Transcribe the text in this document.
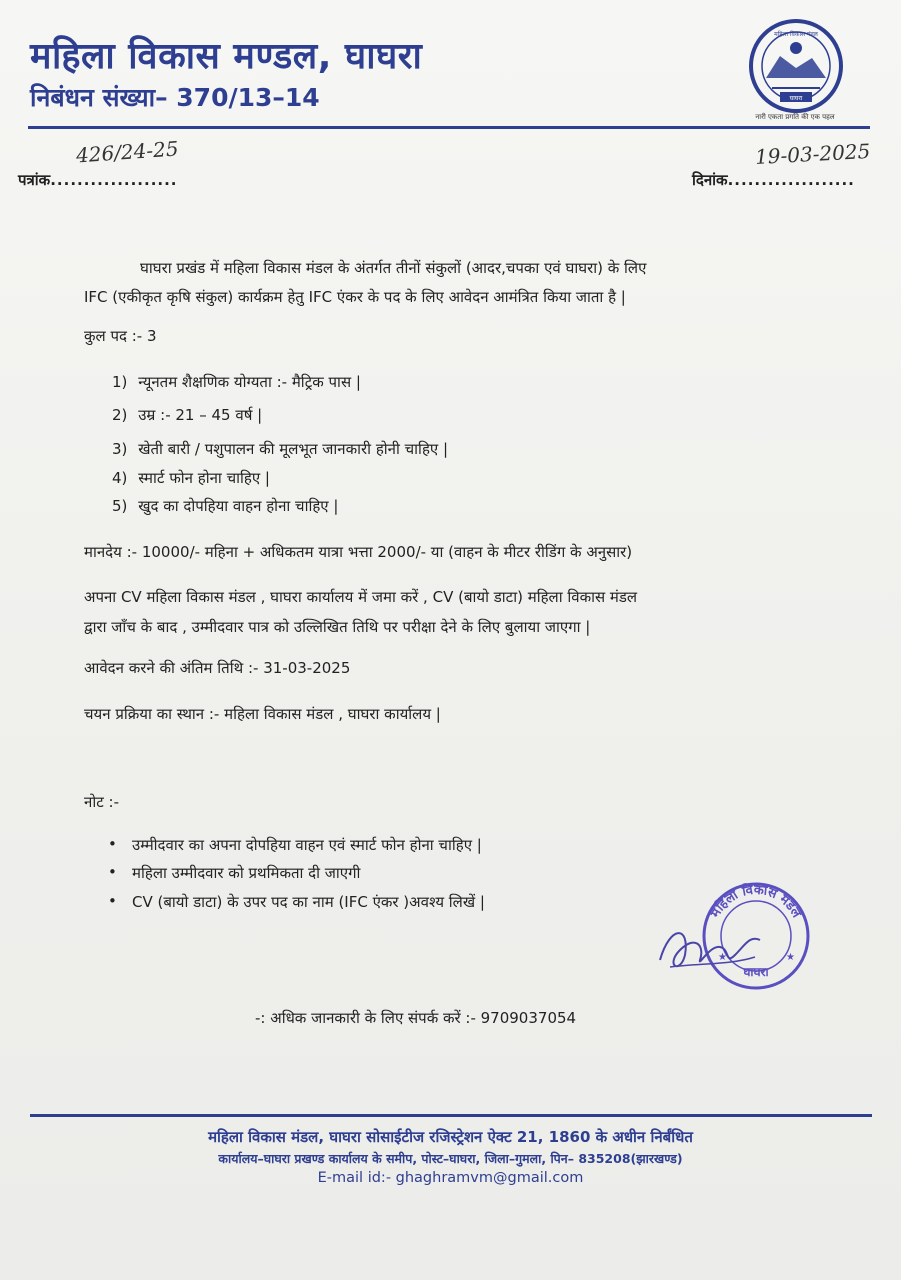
महिला विकास मण्डल, घाघरा
निबंधन संख्या– 370/13–14
महिला विकास मंडल
घाघरा
नारी एकता प्रगति की एक पहल
426/24-25
पत्रांक...................
19-03-2025
दिनांक...................
घाघरा प्रखंड में महिला विकास मंडल के अंतर्गत तीनों संकुलों (आदर,चपका एवं घाघरा) के लिए
IFC (एकीकृत कृषि संकुल) कार्यक्रम हेतु IFC एंकर के पद के लिए आवेदन आमंत्रित किया जाता है |
कुल पद :- 3
1) न्यूनतम शैक्षणिक योग्यता :- मैट्रिक पास |
2) उम्र :- 21 – 45 वर्ष |
3) खेती बारी / पशुपालन की मूलभूत जानकारी होनी चाहिए |
4) स्मार्ट फोन होना चाहिए |
5) खुद का दोपहिया वाहन होना चाहिए |
मानदेय :- 10000/- महिना + अधिकतम यात्रा भत्ता 2000/- या (वाहन के मीटर रीडिंग के अनुसार)
अपना CV महिला विकास मंडल , घाघरा कार्यालय में जमा करें , CV (बायो डाटा) महिला विकास मंडल
द्वारा जाँच के बाद , उम्मीदवार पात्र को उल्लिखित तिथि पर परीक्षा देने के लिए बुलाया जाएगा |
आवेदन करने की अंतिम तिथि :- 31-03-2025
चयन प्रक्रिया का स्थान :- महिला विकास मंडल , घाघरा कार्यालय |
नोट :-
• उम्मीदवार का अपना दोपहिया वाहन एवं स्मार्ट फोन होना चाहिए |
• महिला उम्मीदवार को प्रथमिकता दी जाएगी
• CV (बायो डाटा) के उपर पद का नाम (IFC एंकर )अवश्य लिखें |
महिला विकास मंडल
घाघरा
★	★
-: अधिक जानकारी के लिए संपर्क करें :- 9709037054
महिला विकास मंडल, घाघरा सोसाईटीज रजिस्ट्रेशन ऐक्ट 21, 1860 के अधीन निर्बंधित
कार्यालय–घाघरा प्रखण्ड कार्यालय के समीप, पोस्ट–घाघरा, जिला–गुमला, पिन– 835208(झारखण्ड)
E-mail id:- ghaghramvm@gmail.com
